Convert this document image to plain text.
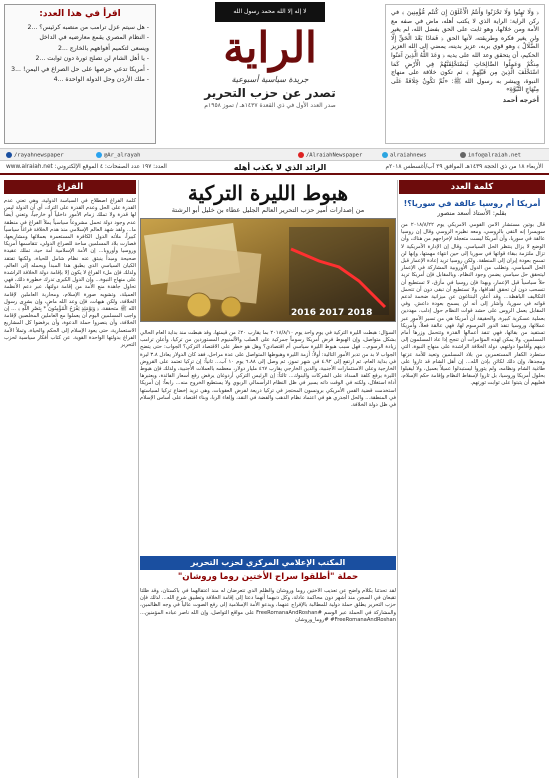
اقرأ في هذا العدد:
- هل سيتم عزل ترامب من منصبه كرئيس؟ ...2
- النظام المصري يقمع معارضيه في الداخل
ويسعى لتكميم أفواههم بالخارج ...2
- يا أهل الشام لن تصلح ثورة دون ثوابت ...2
- أمريكا تدعي حرصها على حل الصراع في اليمن! ...3
- ملك الأردن وحل الدولة الواحدة ...4
لا إله إلا الله محمد رسول الله
الراية
جريدة سياسية أسبوعية
تصدر عن حزب التحرير
صدر العدد الأول في ذي القعدة ١٤٣٧هـ / تموز ١٩٥٨م
﴿ وَلَا تَهِنُوا وَلَا تَحْزَنُوا وَأَنتُمُ الْأَعْلَوْنَ إِن كُنتُم مُّؤْمِنِينَ ﴾ في ركن الراية: الراية الذي لا يكتب أهله، ماض في صفه مع الأمة ومن خلالها، وهو ثابت على الحق بفضل الله، لم يغير ولن يغير فكره وطريقته، لأنها الحق ﴿ فَمَاذَا بَعْدَ الْحَقِّ إِلَّا الضَّلَالُ ﴾ وهو قوي بربه، عزيز بدينه، يمضي إلى الله العزيز الحكيم، أن يتحقق وعد الله على يديه ﴿ وَعَدَ اللَّهُ الَّذِينَ آمَنُوا مِنكُمْ وَعَمِلُوا الصَّالِحَاتِ لَيَسْتَخْلِفَنَّهُمْ فِي الْأَرْضِ كَمَا اسْتَخْلَفَ الَّذِينَ مِن قَبْلِهِمْ ﴾ ثم تكون خلافة على منهاج النبوة، ويبشر به رسول الله ﷺ: «ثُمَّ تَكُونُ خِلَافَةٌ عَلَى مِنْهَاجِ النُّبُوَّةِ»
أخرجه أحمد
/rayahnewspaper	@Ar_alrayah	/AlraiahNewspaper	alraiahnews	info@alraiah.net
الأربعاء ١٨ من ذي الحجة ١٤٣٩هـ الموافق ٢٩ آب/أغسطس ٢٠١٨م
الرائد الذي لا يكذب أهله
العدد: ١٩٧ عدد الصفحات: ٤ الموقع الإلكتروني: www.alraiah.net
كلمة العدد
أمريكا أم روسيا عالقة في سوريا؟!
بقلم: الأستاذ أسعد منصور
قال بوتين مستشار الأمن القومي الأمريكي يوم ٢٠١٨/٨/٢٢ من سويسرا إنه التقى بالروسي، ومعه نظيره الروسي وقال إن روسيا عالقة في سوريا، وأن أمريكا ليست متعجلة لإخراجهم من هناك، وأن الوضع لا يزال ينتظر الحل السياسي. وقال إن الإدارة الأمريكية لا تزال ملتزمة ببقاء قواتها في سوريا إلى حين انتهاء مهمتها، وإنها لن تسمح بعودة إيران إلى المنطقة. ولكن روسيا تريد إعادة الإعمار قبل الحل السياسي، وتطلب من الدول الأوروبية المشاركة في الإعمار ليتحقق حل سياسي يضمن وجود النظام. وبالمقابل فإن أمريكا تريد حلاً سياسياً قبل الإعمار، وبهذا فإن روسيا في مأزق، لا تستطيع أن تنسحب دون أن تحقق أهدافها، ولا تستطيع أن تبقى دون أن تتحمل التكاليف الباهظة... وقد أعلن البنتاغون عن ميزانية ضخمة لدعم قواته في سوريا، وأشار إلى أنه لن يسمح بعودة داعش. وفي المقابل يعمل الروس على حشد قوات النظام حول إدلب، مهددين بعملية عسكرية كبيرة. والحقيقة أن أمريكا هي من تسير الأمور عبر عملائها، وروسيا تنفذ الدور المرسوم لها، فهي عالقة فعلاً، وأمريكا تستفيد من بقائها، فهي تنفذ أعمالها القذرة وتتحمل وزرها أمام المسلمين. ولا يمكن لهذه المؤامرات أن تنجح إذا عاد المسلمون إلى دينهم وأقاموا دولتهم، دولة الخلافة الراشدة على منهاج النبوة، التي ستطرد الكفار المستعمرين من بلاد المسلمين وتعيد للأمة عزتها ومجدها، وإن ذلك لكائن بإذن الله... إن أهل الشام قد ثاروا على طاغية الشام ونظامه، ولم يثوروا ليستبدلوا عميلاً بعميل، ولا ليقبلوا بحلول أمريكا وروسيا، بل ثاروا لإسقاط النظام وإقامة حكم الإسلام، فعليهم أن يثبتوا على ثوابت ثورتهم.
هبوط الليرة التركية
من إصدارات أمير حزب التحرير العالم الجليل عطاء بن خليل أبو الرشتة
2016 2017 2018
السؤال: هبطت الليرة التركية في يوم واحد يوم ٢٠١٨/٨/١٠ بما يقارب ٢٠٪ من قيمتها، وقد هبطت منذ بداية العام الحالي بشكل متواصل، وإن الهبوط فرض أمريكا رسوماً جمركية على الصلب والألمنيوم المستوردين من تركيا، وأعلن ترامب زيادة الرسوم... فهل سبب هبوط الليرة سياسي أم اقتصادي؟ وهل هو خطر على الاقتصاد التركي؟ الجواب: حتى يتضح الجواب لا بد من تدبر الأمور التالية: أولاً: أزمة الليرة وهبوطها المتواصل على عدة مراحل، فقد كان الدولار يعادل ٣.٨ ليرة في بداية العام، ثم ارتفع إلى ٤.٩٢ في شهر تموز، ثم وصل إلى ٦.٨٨ يوم ١٠ آب... ثانياً: إن تركيا تعتمد على القروض الخارجية وعلى الاستثمارات الأجنبية، والدين الخارجي يقارب ٤٦٧ مليار دولار، معظمه بالعملات الأجنبية، ولذلك فإن هبوط الليرة يرفع كلفة السداد على الشركات والبنوك... ثالثاً: إن الرئيس التركي أردوغان يرفض رفع أسعار الفائدة، ويعتبرها أداة استغلال، ولكنه في الوقت ذاته يسير في ظل النظام الرأسمالي الربوي ولا يستطيع الخروج منه... رابعاً: إن أمريكا استخدمت قضية القس الأمريكي برونسون المحتجز في تركيا ذريعة لفرض العقوبات، وهي تريد إخضاع تركيا لسياستها في المنطقة... والحل الجذري هو في اعتماد نظام الذهب والفضة في النقد، وإلغاء الربا، وبناء اقتصاد على أساس الإسلام في ظل دولة الخلافة.
المكتب الإعلامي المركزي لحزب التحرير
حملة "أطلقوا سراح الأختين روما وروشان"
لقد تحدثنا بكلام واضح عن تعذيب الأختين روما وروشان والظلم الذي تتعرضان له منذ اعتقالهما في باكستان، وقد ظلتا تقبعان في السجن منذ أشهر دون محاكمة عادلة، وكل ذنبهما أنهما دعتا إلى إقامة الخلافة وتطبيق شرع الله... لذلك فإن حزب التحرير يطلق حملة دولية للمطالبة بالإفراج عنهما، ويدعو الأمة الإسلامية إلى رفع الصوت عالياً في وجه الظالمين، والمشاركة في الحملة عبر الوسم #FreeRomanaAndRoshan على مواقع التواصل، وإن الله ناصر عباده المؤمنين... FreeRomanaAndRoshan# #روما_وروشان
الفراغ
كلمة الفراغ اصطلاح في السياسة الدولية، وهي تعني عدم القدرة على الحل وعدم القدرة على الترك، أي أن الدولة ليس لها قدرة ولا تملك زمام الأمور داخلياً أو خارجياً، وتعني أيضاً عدم وجود دولة تحمل مشروعاً سياسياً يملأ الفراغ في منطقة ما... ولقد شهد العالم الإسلامي منذ هدم الخلافة فراغاً سياسياً كبيراً، ملأته الدول الكافرة المستعمرة بعملائها ومشاريعها، فصارت بلاد المسلمين ساحة للصراع الدولي، تتقاسمها أمريكا وروسيا وأوروبا... إن الأمة الإسلامية أمة حية، تملك عقيدة صحيحة ومبدأ ينبثق عنه نظام شامل للحياة، ولكنها تفتقد الكيان السياسي الذي يطبق هذا المبدأ ويحمله إلى العالم، ولذلك فإن ملء الفراغ لا يكون إلا بإقامة دولة الخلافة الراشدة على منهاج النبوة... وإن الدول الكبرى تدرك خطورة ذلك، فهي تحاول جاهدة منع الأمة من إقامة دولتها، عبر دعم الأنظمة العميلة، وتشويه صورة الإسلام، ومحاربة العاملين لإقامة الخلافة، ولكن هيهات، فإن وعد الله ماضٍ، وإن بشرى رسول الله ﷺ متحققة، ﴿ وَيَوْمَئِذٍ يَفْرَحُ الْمُؤْمِنُونَ * بِنَصْرِ اللَّهِ ﴾ ... إن واجب المسلمين اليوم أن يعملوا مع العاملين المخلصين لإقامة الخلافة، وأن ينصروا حملة الدعوة، وأن يرفضوا كل المشاريع الاستعمارية، حتى يعود الإسلام إلى الحكم والحياة، وتملأ الأمة الفراغ بدولتها الواحدة القوية. عن كتاب أفكار سياسية لحزب التحرير
